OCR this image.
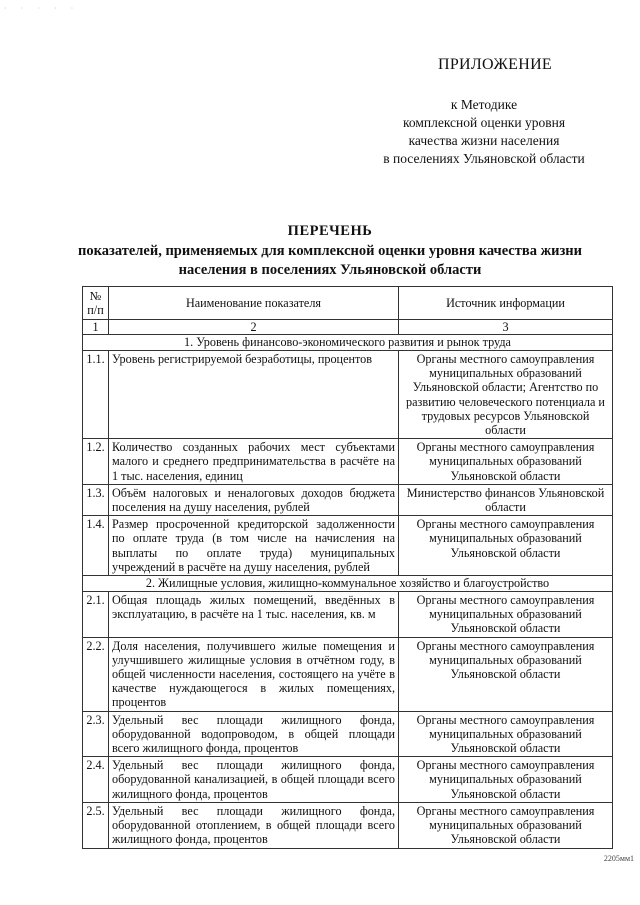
· · · · ·
ПРИЛОЖЕНИЕ
к Методике
комплексной оценки уровня
качества жизни населения
в поселениях Ульяновской области
ПЕРЕЧЕНЬ
показателей, применяемых для комплексной оценки уровня качества жизни населения в поселениях Ульяновской области
№ п/п	Наименование показателя	Источник информации
1	2	3
1. Уровень финансово-экономического развития и рынок труда		
1.1.	Уровень регистрируемой безработицы, процентов	Органы местного самоуправления муниципальных образований Ульяновской области; Агентство по развитию человеческого потенциала и трудовых ресурсов Ульяновской области
1.2.	Количество созданных рабочих мест субъектами малого и среднего предпринимательства в расчёте на 1 тыс. населения, единиц	Органы местного самоуправления муниципальных образований Ульяновской области
1.3.	Объём налоговых и неналоговых доходов бюджета поселения на душу населения, рублей	Министерство финансов Ульяновской области
1.4.	Размер просроченной кредиторской задолженности по оплате труда (в том числе на начисления на выплаты по оплате труда) муниципальных учреждений в расчёте на душу населения, рублей	Органы местного самоуправления муниципальных образований Ульяновской области
2. Жилищные условия, жилищно-коммунальное хозяйство и благоустройство		
2.1.	Общая площадь жилых помещений, введённых в эксплуатацию, в расчёте на 1 тыс. населения, кв. м	Органы местного самоуправления муниципальных образований Ульяновской области
2.2.	Доля населения, получившего жилые помещения и улучшившего жилищные условия в отчётном году, в общей численности населения, состоящего на учёте в качестве нуждающегося в жилых помещениях, процентов	Органы местного самоуправления муниципальных образований Ульяновской области
2.3.	Удельный вес площади жилищного фонда, оборудованной водопроводом, в общей площади всего жилищного фонда, процентов	Органы местного самоуправления муниципальных образований Ульяновской области
2.4.	Удельный вес площади жилищного фонда, оборудованной канализацией, в общей площади всего жилищного фонда, процентов	Органы местного самоуправления муниципальных образований Ульяновской области
2.5.	Удельный вес площади жилищного фонда, оборудованной отоплением, в общей площади всего жилищного фонда, процентов	Органы местного самоуправления муниципальных образований Ульяновской области
2205мм1
